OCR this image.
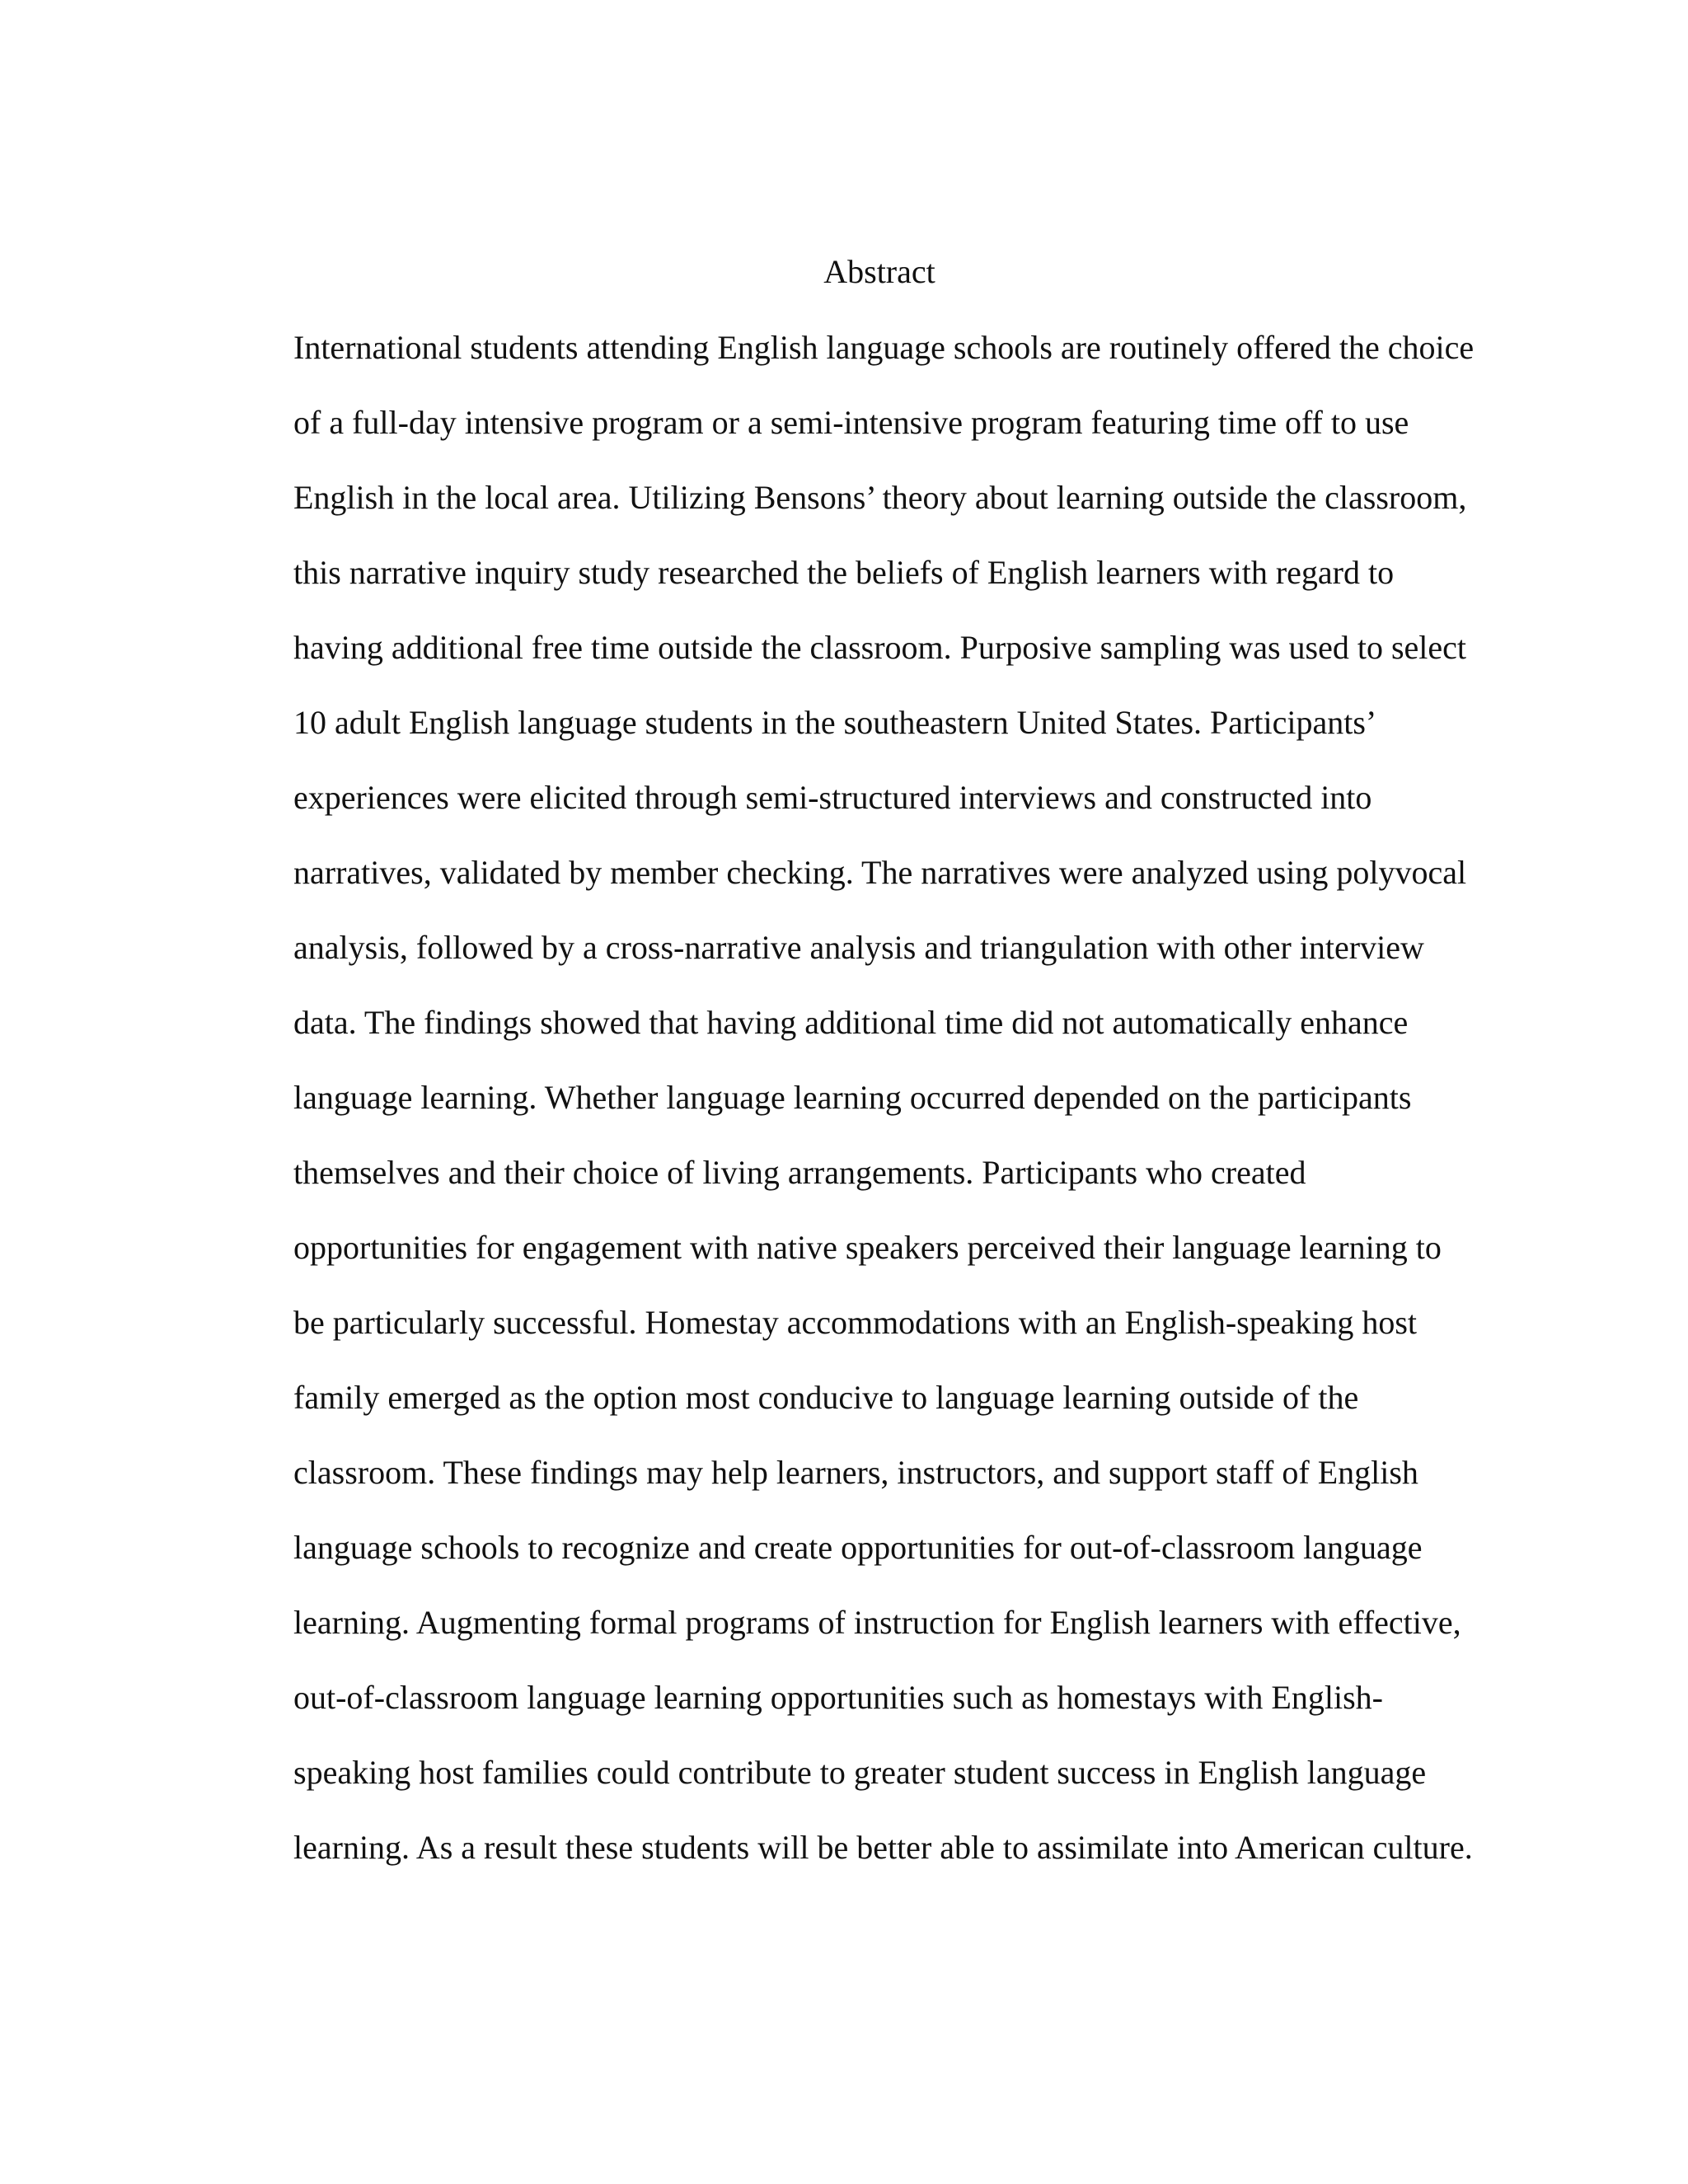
Abstract
International students attending English language schools are routinely offered the choice
of a full-day intensive program or a semi-intensive program featuring time off to use
English in the local area. Utilizing Bensons’ theory about learning outside the classroom,
this narrative inquiry study researched the beliefs of English learners with regard to
having additional free time outside the classroom. Purposive sampling was used to select
10 adult English language students in the southeastern United States. Participants’
experiences were elicited through semi-structured interviews and constructed into
narratives, validated by member checking. The narratives were analyzed using polyvocal
analysis, followed by a cross-narrative analysis and triangulation with other interview
data. The findings showed that having additional time did not automatically enhance
language learning. Whether language learning occurred depended on the participants
themselves and their choice of living arrangements. Participants who created
opportunities for engagement with native speakers perceived their language learning to
be particularly successful. Homestay accommodations with an English-speaking host
family emerged as the option most conducive to language learning outside of the
classroom. These findings may help learners, instructors, and support staff of English
language schools to recognize and create opportunities for out-of-classroom language
learning. Augmenting formal programs of instruction for English learners with effective,
out-of-classroom language learning opportunities such as homestays with English-
speaking host families could contribute to greater student success in English language
learning. As a result these students will be better able to assimilate into American culture.
